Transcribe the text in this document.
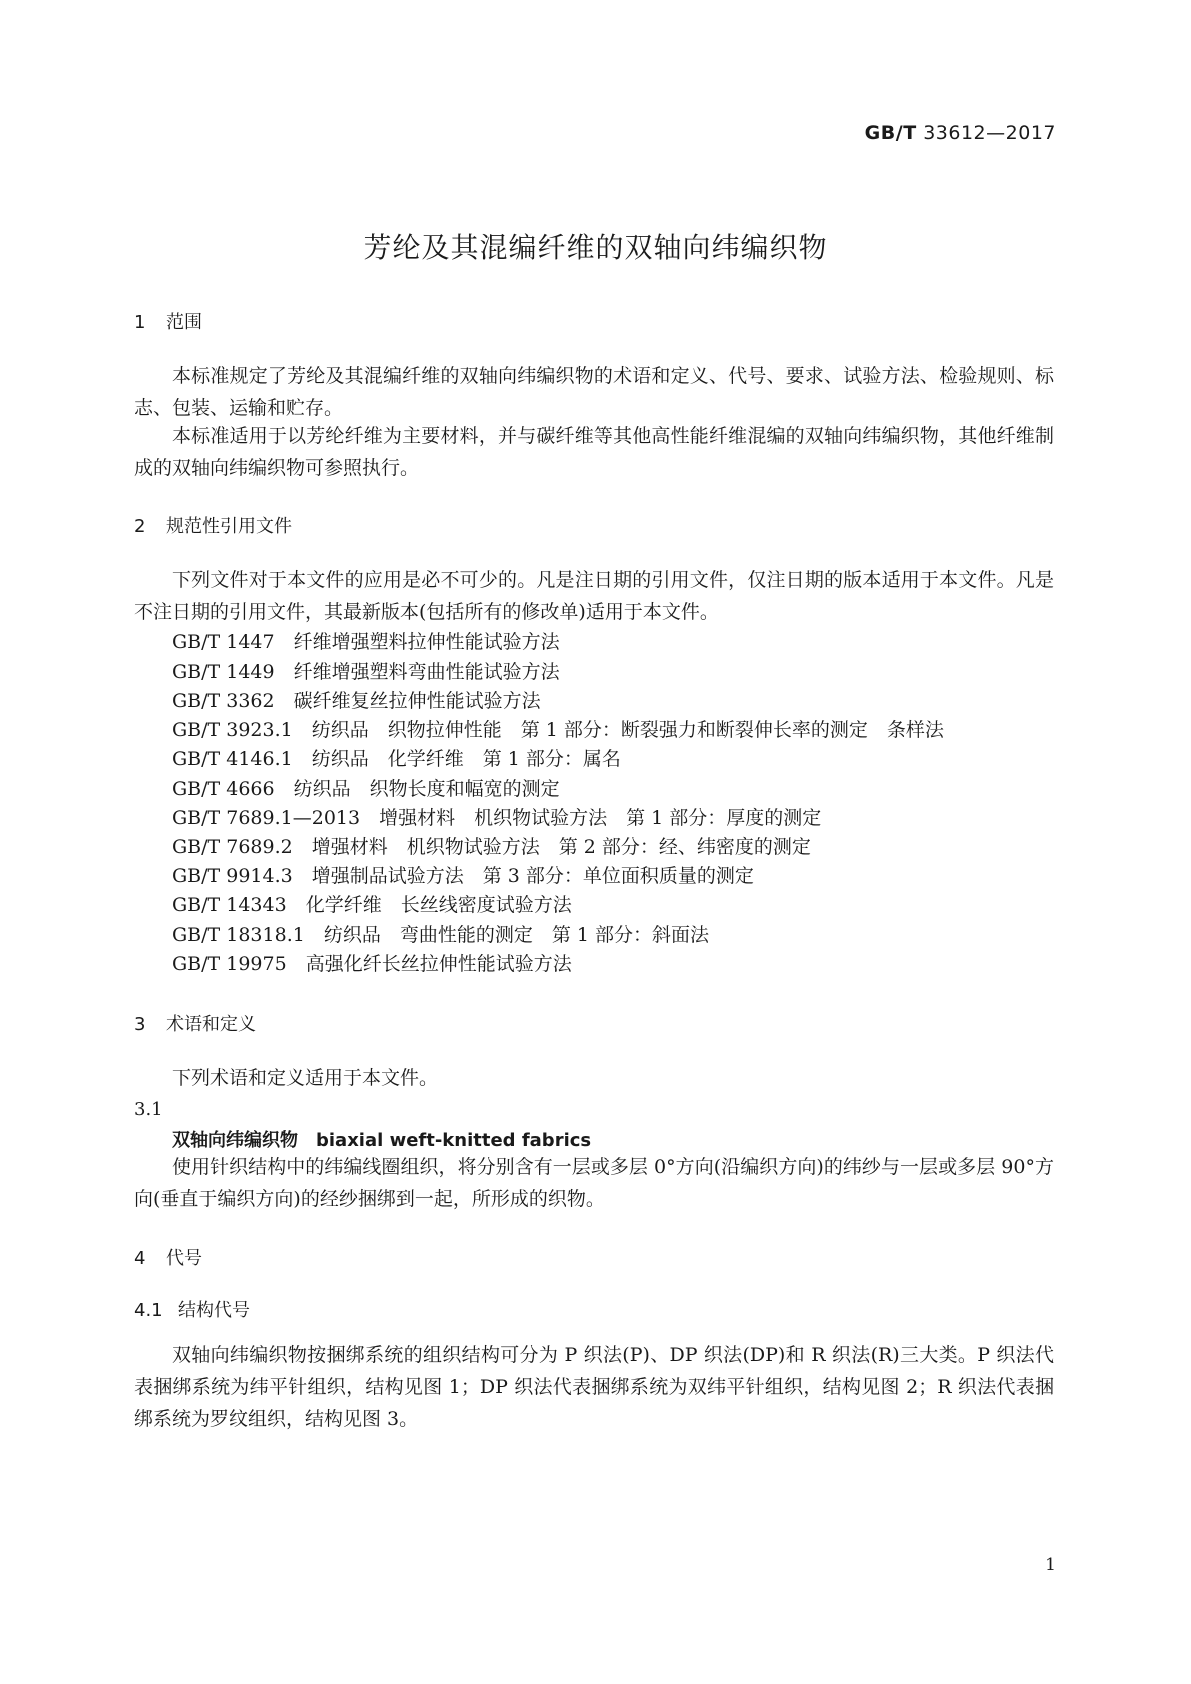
GB/T 33612—2017
芳纶及其混编纤维的双轴向纬编织物
1 范围
本标准规定了芳纶及其混编纤维的双轴向纬编织物的术语和定义、代号、要求、试验方法、检验规则、标志、包装、运输和贮存。
本标准适用于以芳纶纤维为主要材料，并与碳纤维等其他高性能纤维混编的双轴向纬编织物，其他纤维制成的双轴向纬编织物可参照执行。
2 规范性引用文件
下列文件对于本文件的应用是必不可少的。凡是注日期的引用文件，仅注日期的版本适用于本文件。凡是不注日期的引用文件，其最新版本(包括所有的修改单)适用于本文件。
GB/T 1447　纤维增强塑料拉伸性能试验方法
GB/T 1449　纤维增强塑料弯曲性能试验方法
GB/T 3362　碳纤维复丝拉伸性能试验方法
GB/T 3923.1　纺织品　织物拉伸性能　第 1 部分：断裂强力和断裂伸长率的测定　条样法
GB/T 4146.1　纺织品　化学纤维　第 1 部分：属名
GB/T 4666　纺织品　织物长度和幅宽的测定
GB/T 7689.1—2013　增强材料　机织物试验方法　第 1 部分：厚度的测定
GB/T 7689.2　增强材料　机织物试验方法　第 2 部分：经、纬密度的测定
GB/T 9914.3　增强制品试验方法　第 3 部分：单位面积质量的测定
GB/T 14343　化学纤维　长丝线密度试验方法
GB/T 18318.1　纺织品　弯曲性能的测定　第 1 部分：斜面法
GB/T 19975　高强化纤长丝拉伸性能试验方法
3 术语和定义
下列术语和定义适用于本文件。
3.1
双轴向纬编织物　biaxial weft-knitted fabrics
使用针织结构中的纬编线圈组织，将分别含有一层或多层 0°方向(沿编织方向)的纬纱与一层或多层 90°方向(垂直于编织方向)的经纱捆绑到一起，所形成的织物。
4 代号
4.1 结构代号
双轴向纬编织物按捆绑系统的组织结构可分为 P 织法(P)、DP 织法(DP)和 R 织法(R)三大类。P 织法代表捆绑系统为纬平针组织，结构见图 1；DP 织法代表捆绑系统为双纬平针组织，结构见图 2；R 织法代表捆绑系统为罗纹组织，结构见图 3。
1
